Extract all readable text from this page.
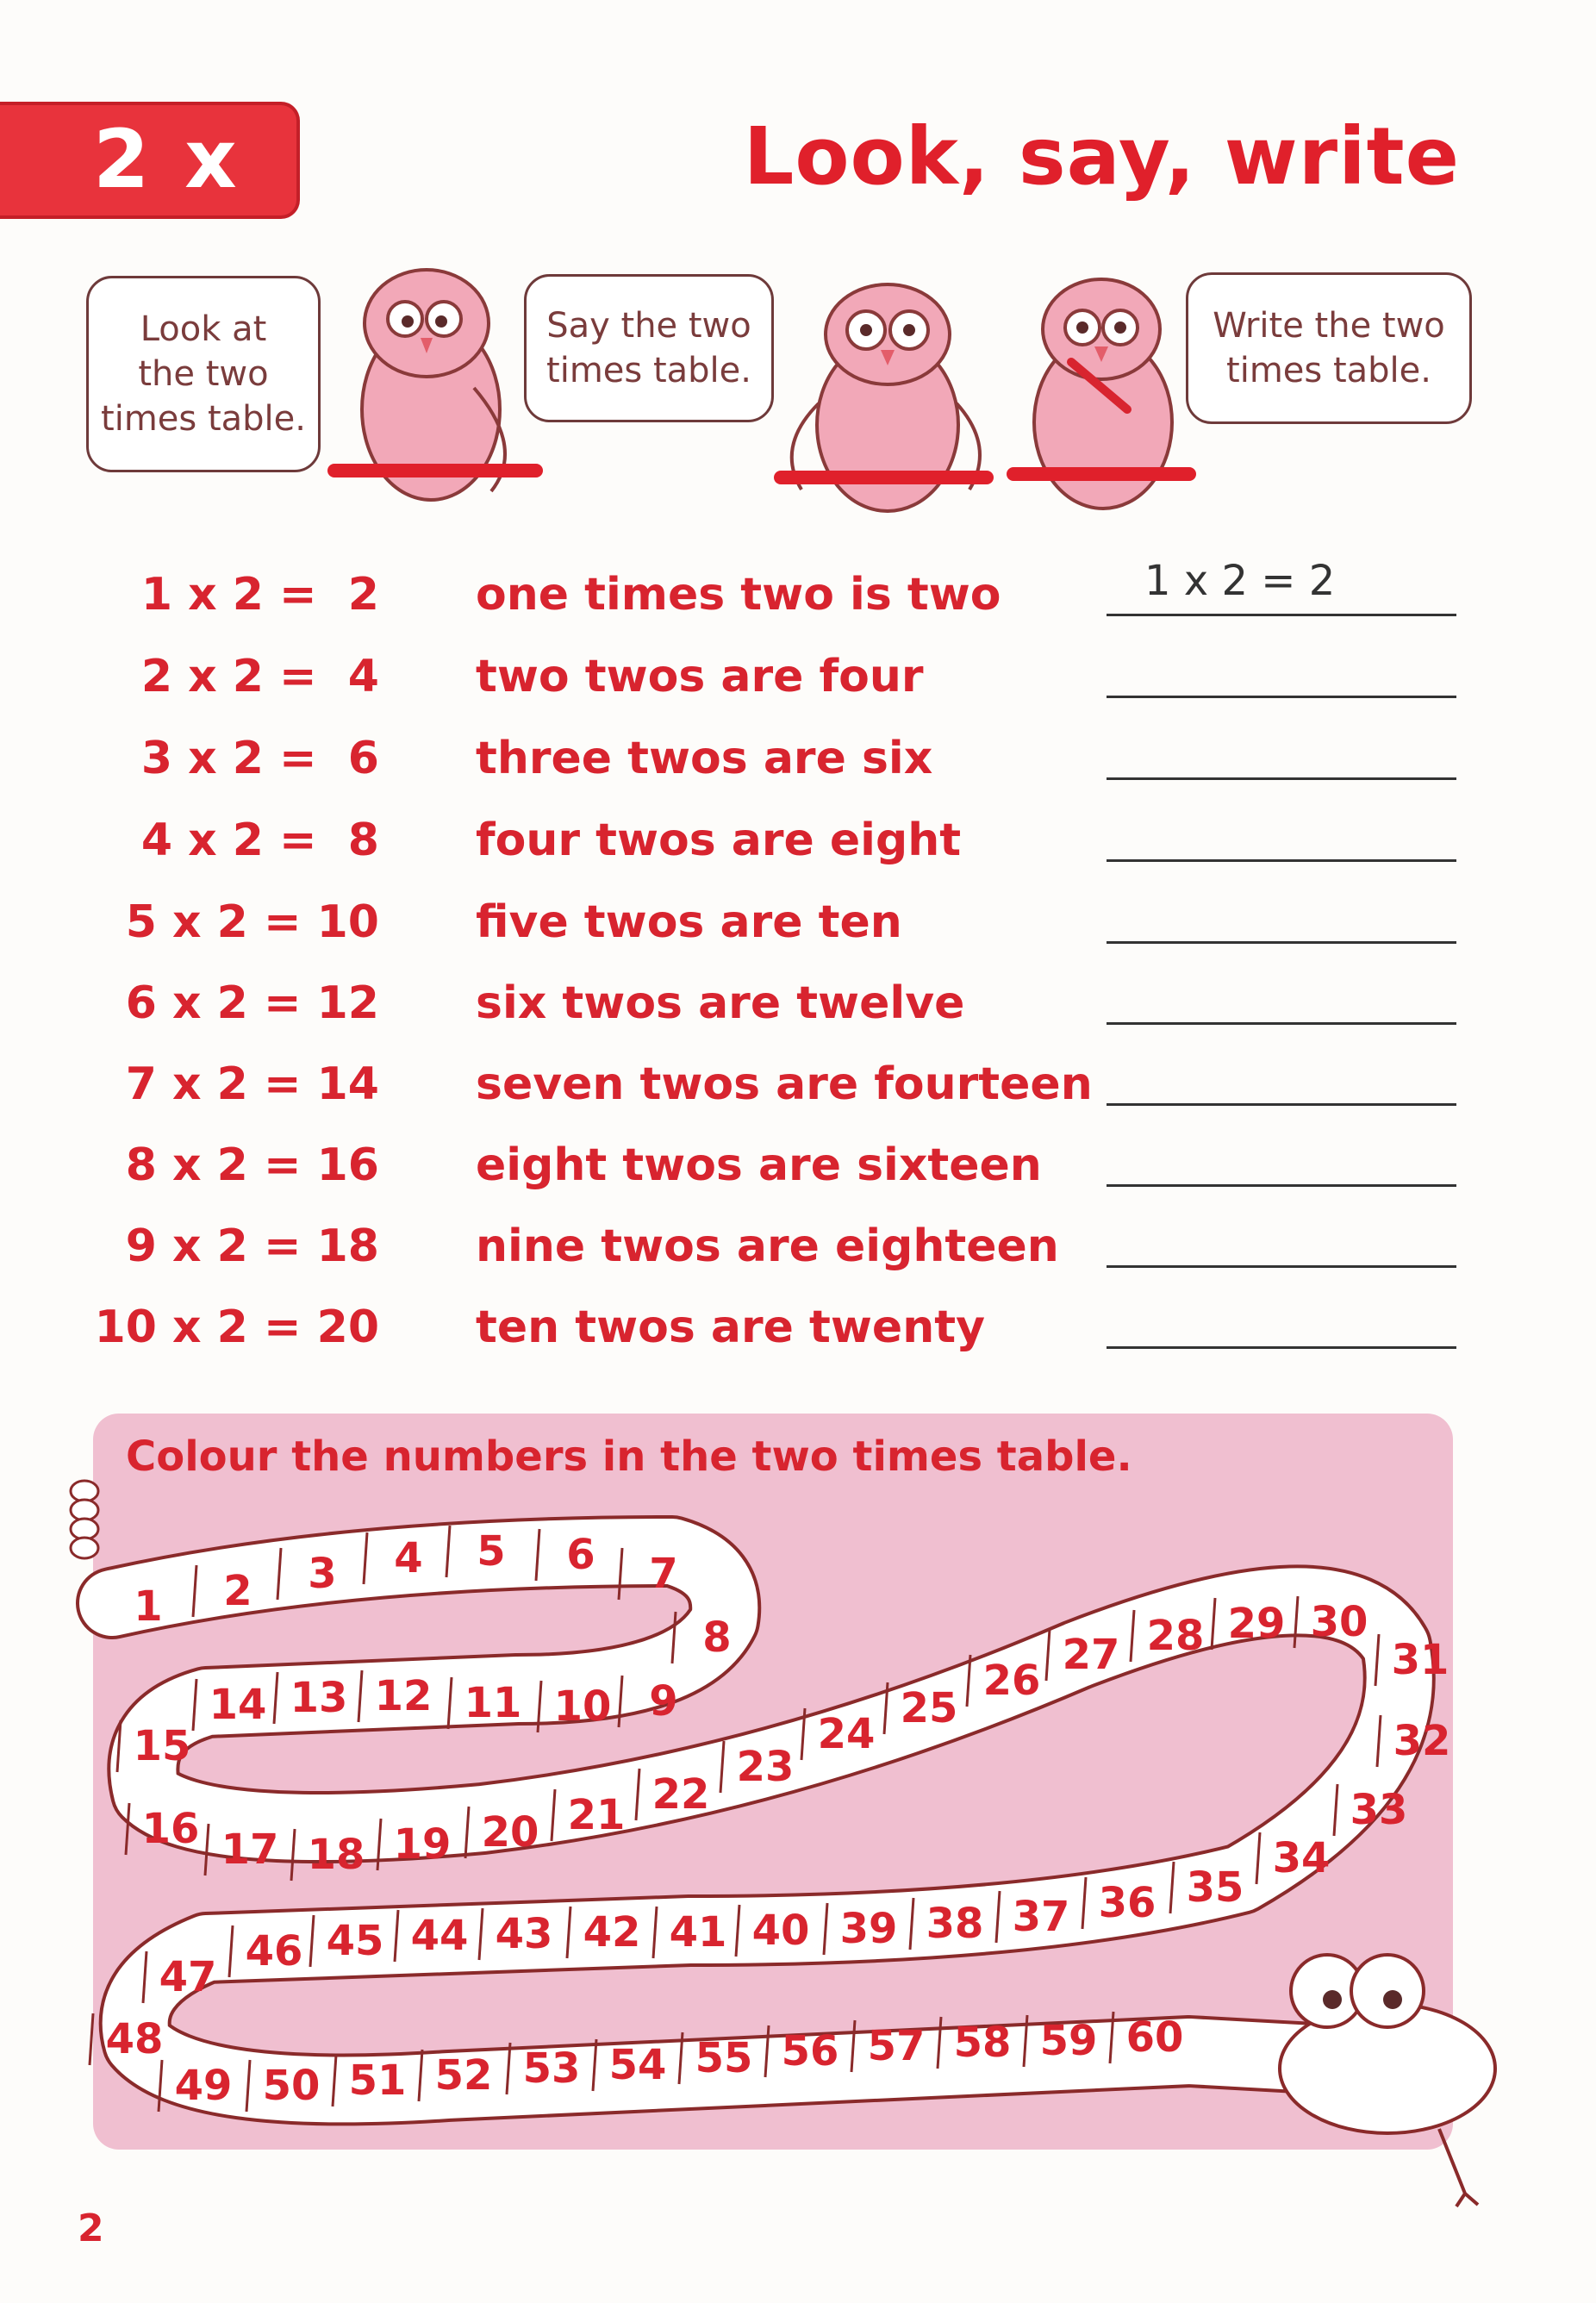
2 x	Look, say, write
Look at
the two
times table.
Say the two
times table.
Write the two
times table.
1 x 2 =  2 one times two is two	1 x 2 = 2
2 x 2 =  4 two twos are four
3 x 2 =  6 three twos are six
4 x 2 =  8 four twos are eight
5 x 2 = 10 five twos are ten
6 x 2 = 12 six twos are twelve
7 x 2 = 14 seven twos are fourteen
8 x 2 = 16 eight twos are sixteen
9 x 2 = 18 nine twos are eighteen
10 x 2 = 20 ten twos are twenty
Colour the numbers in the two times table.
1 2 3 4 5 6 7
8
9
10
11
12
13
14
15
16 17 18 19 20 21 22
23
24
25
26
27 28 29 30
31
32
33
34
35
36
37
38
39
40
41
42
43
44
45
46
47
48
49 50 51 52 53 54 55 56 57 58 59 60
2
